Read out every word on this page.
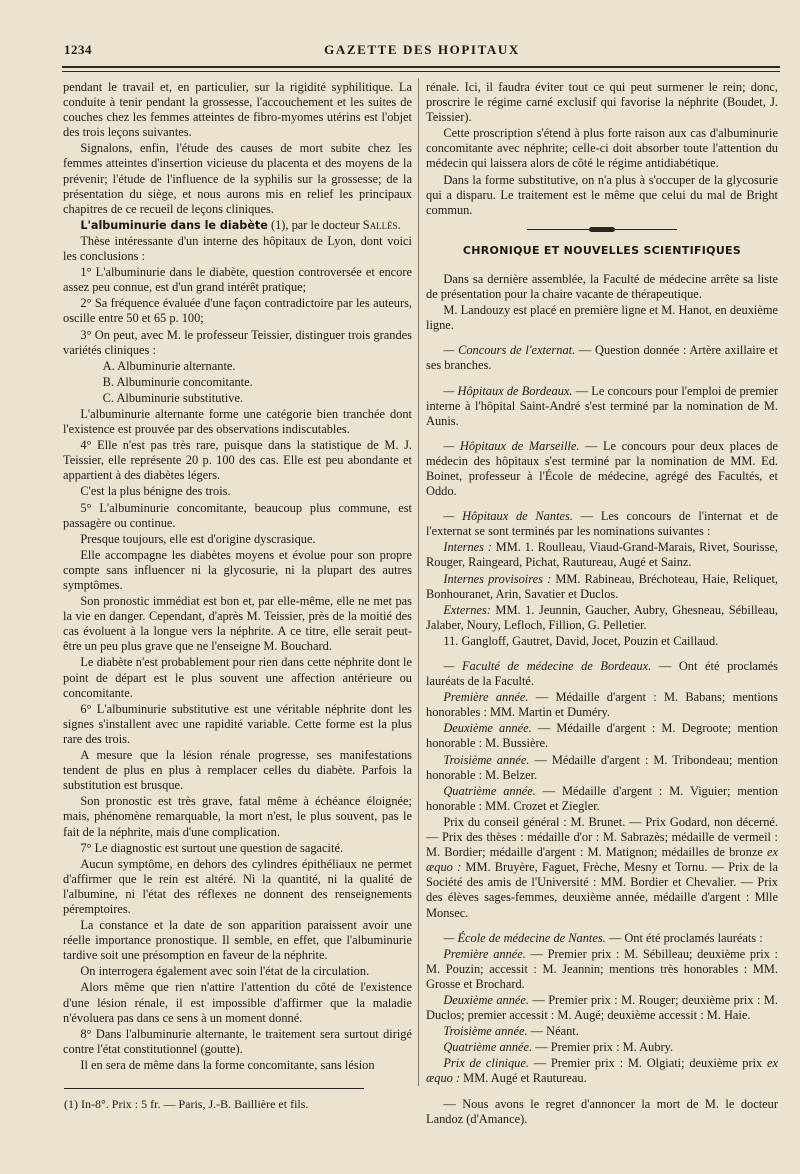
1234	GAZETTE DES HOPITAUX

pendant le travail et, en particulier, sur la rigidité syphilitique. La conduite à tenir pendant la grossesse, l'accouchement et les suites de couches chez les femmes atteintes de fibro-myomes utérins est l'objet des trois leçons suivantes.

Signalons, enfin, l'étude des causes de mort subite chez les femmes atteintes d'insertion vicieuse du placenta et des moyens de la prévenir; l'étude de l'influence de la syphilis sur la grossesse; de la présentation du siège, et nous aurons mis en relief les principaux chapitres de ce recueil de leçons cliniques.

L'albuminurie dans le diabète (1), par le docteur Sallès.

Thèse intéressante d'un interne des hôpitaux de Lyon, dont voici les conclusions :

1° L'albuminurie dans le diabète, question controversée et encore assez peu connue, est d'un grand intérêt pratique;

2° Sa fréquence évaluée d'une façon contradictoire par les auteurs, oscille entre 50 et 65 p. 100;

3° On peut, avec M. le professeur Teissier, distinguer trois grandes variétés cliniques :

A. Albuminurie alternante.

B. Albuminurie concomitante.

C. Albuminurie substitutive.

L'albuminurie alternante forme une catégorie bien tranchée dont l'existence est prouvée par des observations indiscutables.

4° Elle n'est pas très rare, puisque dans la statistique de M. J. Teissier, elle représente 20 p. 100 des cas. Elle est peu abondante et appartient à des diabètes légers.

C'est la plus bénigne des trois.

5° L'albuminurie concomitante, beaucoup plus commune, est passagère ou continue.

Presque toujours, elle est d'origine dyscrasique.

Elle accompagne les diabètes moyens et évolue pour son propre compte sans influencer ni la glycosurie, ni la plupart des autres symptômes.

Son pronostic immédiat est bon et, par elle-même, elle ne met pas la vie en danger. Cependant, d'après M. Teissier, près de la moitié des cas évoluent à la longue vers la néphrite. A ce titre, elle serait peut-être un peu plus grave que ne l'enseigne M. Bouchard.

Le diabète n'est probablement pour rien dans cette néphrite dont le point de départ est le plus souvent une affection antérieure ou concomitante.

6° L'albuminurie substitutive est une véritable néphrite dont les signes s'installent avec une rapidité variable. Cette forme est la plus rare des trois.

A mesure que la lésion rénale progresse, ses manifestations tendent de plus en plus à remplacer celles du diabète. Parfois la substitution est brusque.

Son pronostic est très grave, fatal même à échéance éloignée; mais, phénomène remarquable, la mort n'est, le plus souvent, pas le fait de la néphrite, mais d'une complication.

7° Le diagnostic est surtout une question de sagacité.

Aucun symptôme, en dehors des cylindres épithéliaux ne permet d'affirmer que le rein est altéré. Ni la quantité, ni la qualité de l'albumine, ni l'état des réflexes ne donnent des renseignements péremptoires.

La constance et la date de son apparition paraissent avoir une réelle importance pronostique. Il semble, en effet, que l'albuminurie tardive soit une présomption en faveur de la néphrite.

On interrogera également avec soin l'état de la circulation.

Alors même que rien n'attire l'attention du côté de l'existence d'une lésion rénale, il est impossible d'affirmer que la maladie n'évoluera pas dans ce sens à un moment donné.

8° Dans l'albuminurie alternante, le traitement sera surtout dirigé contre l'état constitutionnel (goutte).

Il en sera de même dans la forme concomitante, sans lésion

rénale. Ici, il faudra éviter tout ce qui peut surmener le rein; donc, proscrire le régime carné exclusif qui favorise la néphrite (Boudet, J. Teissier).

Cette proscription s'étend à plus forte raison aux cas d'albuminurie concomitante avec néphrite; celle-ci doit absorber toute l'attention du médecin qui laissera alors de côté le régime antidiabétique.

Dans la forme substitutive, on n'a plus à s'occuper de la glycosurie qui a disparu. Le traitement est le même que celui du mal de Bright commun.

CHRONIQUE ET NOUVELLES SCIENTIFIQUES

Dans sa dernière assemblée, la Faculté de médecine arrête sa liste de présentation pour la chaire vacante de thérapeutique.

M. Landouzy est placé en première ligne et M. Hanot, en deuxième ligne.

— Concours de l'externat. — Question donnée : Artère axillaire et ses branches.

— Hôpitaux de Bordeaux. — Le concours pour l'emploi de premier interne à l'hôpital Saint-André s'est terminé par la nomination de M. Aunis.

— Hôpitaux de Marseille. — Le concours pour deux places de médecin des hôpitaux s'est terminé par la nomination de MM. Ed. Boinet, professeur à l'École de médecine, agrégé des Facultés, et Oddo.

— Hôpitaux de Nantes. — Les concours de l'internat et de l'externat se sont terminés par les nominations suivantes :

Internes : MM. 1. Roulleau, Viaud-Grand-Marais, Rivet, Sourisse, Rouger, Raingeard, Pichat, Rautureau, Augé et Sainz.

Internes provisoires : MM. Rabineau, Bréchoteau, Haie, Reliquet, Bonhouranet, Arin, Savatier et Duclos.

Externes: MM. 1. Jeunnin, Gaucher, Aubry, Ghesneau, Sébilleau, Jalaber, Noury, Lefloch, Fillion, G. Pelletier.

11. Gangloff, Gautret, David, Jocet, Pouzin et Caillaud.

— Faculté de médecine de Bordeaux. — Ont été proclamés lauréats de la Faculté.

Première année. — Médaille d'argent : M. Babans; mentions honorables : MM. Martin et Duméry.

Deuxième année. — Médaille d'argent : M. Degroote; mention honorable : M. Bussière.

Troisième année. — Médaille d'argent : M. Tribondeau; mention honorable : M. Belzer.

Quatrième année. — Médaille d'argent : M. Viguier; mention honorable : MM. Crozet et Ziegler.

Prix du conseil général : M. Brunet. — Prix Godard, non décerné. — Prix des thèses : médaille d'or : M. Sabrazès; médaille de vermeil : M. Bordier; médaille d'argent : M. Matignon; médailles de bronze ex æquo : MM. Bruyère, Faguet, Frèche, Mesny et Tornu. — Prix de la Société des amis de l'Université : MM. Bordier et Chevalier. — Prix des élèves sages-femmes, deuxième année, médaille d'argent : Mlle Monsec.

— École de médecine de Nantes. — Ont été proclamés lauréats :

Première année. — Premier prix : M. Sébilleau; deuxième prix : M. Pouzin; accessit : M. Jeannin; mentions très honorables : MM. Grosse et Brochard.

Deuxième année. — Premier prix : M. Rouger; deuxième prix : M. Duclos; premier accessit : M. Augé; deuxième accessit : M. Haie.

Troisième année. — Néant.

Quatrième année. — Premier prix : M. Aubry.

Prix de clinique. — Premier prix : M. Olgiati; deuxième prix ex æquo : MM. Augé et Rautureau.

— Nous avons le regret d'annoncer la mort de M. le docteur Landoz (d'Amance).

(1) In-8°. Prix : 5 fr. — Paris, J.-B. Baillière et fils.
